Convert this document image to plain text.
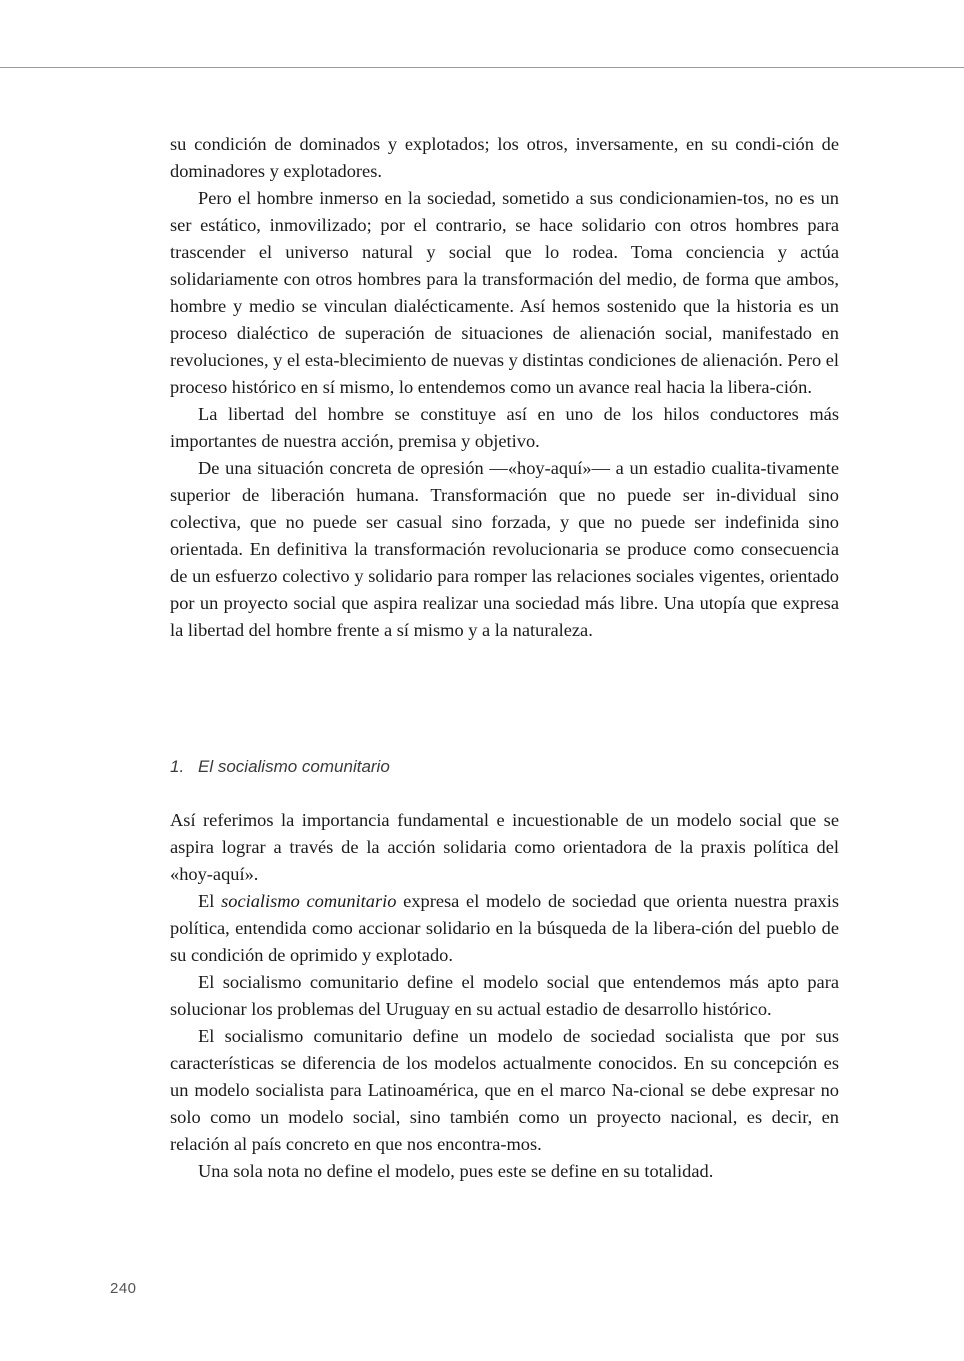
su condición de dominados y explotados; los otros, inversamente, en su condi-ción de dominadores y explotadores.

Pero el hombre inmerso en la sociedad, sometido a sus condicionamien-tos, no es un ser estático, inmovilizado; por el contrario, se hace solidario con otros hombres para trascender el universo natural y social que lo rodea. Toma conciencia y actúa solidariamente con otros hombres para la transformación del medio, de forma que ambos, hombre y medio se vinculan dialécticamente. Así hemos sostenido que la historia es un proceso dialéctico de superación de situaciones de alienación social, manifestado en revoluciones, y el esta-blecimiento de nuevas y distintas condiciones de alienación. Pero el proceso histórico en sí mismo, lo entendemos como un avance real hacia la libera-ción.

La libertad del hombre se constituye así en uno de los hilos conductores más importantes de nuestra acción, premisa y objetivo.

De una situación concreta de opresión —«hoy-aquí»— a un estadio cualita-tivamente superior de liberación humana. Transformación que no puede ser in-dividual sino colectiva, que no puede ser casual sino forzada, y que no puede ser indefinida sino orientada. En definitiva la transformación revolucionaria se produce como consecuencia de un esfuerzo colectivo y solidario para romper las relaciones sociales vigentes, orientado por un proyecto social que aspira realizar una sociedad más libre. Una utopía que expresa la libertad del hombre frente a sí mismo y a la naturaleza.

1. El socialismo comunitario

Así referimos la importancia fundamental e incuestionable de un modelo social que se aspira lograr a través de la acción solidaria como orientadora de la praxis política del «hoy-aquí».

El socialismo comunitario expresa el modelo de sociedad que orienta nuestra praxis política, entendida como accionar solidario en la búsqueda de la libera-ción del pueblo de su condición de oprimido y explotado.

El socialismo comunitario define el modelo social que entendemos más apto para solucionar los problemas del Uruguay en su actual estadio de desarrollo histórico.

El socialismo comunitario define un modelo de sociedad socialista que por sus características se diferencia de los modelos actualmente conocidos. En su concepción es un modelo socialista para Latinoamérica, que en el marco Na-cional se debe expresar no solo como un modelo social, sino también como un proyecto nacional, es decir, en relación al país concreto en que nos encontra-mos.

Una sola nota no define el modelo, pues este se define en su totalidad.

240
